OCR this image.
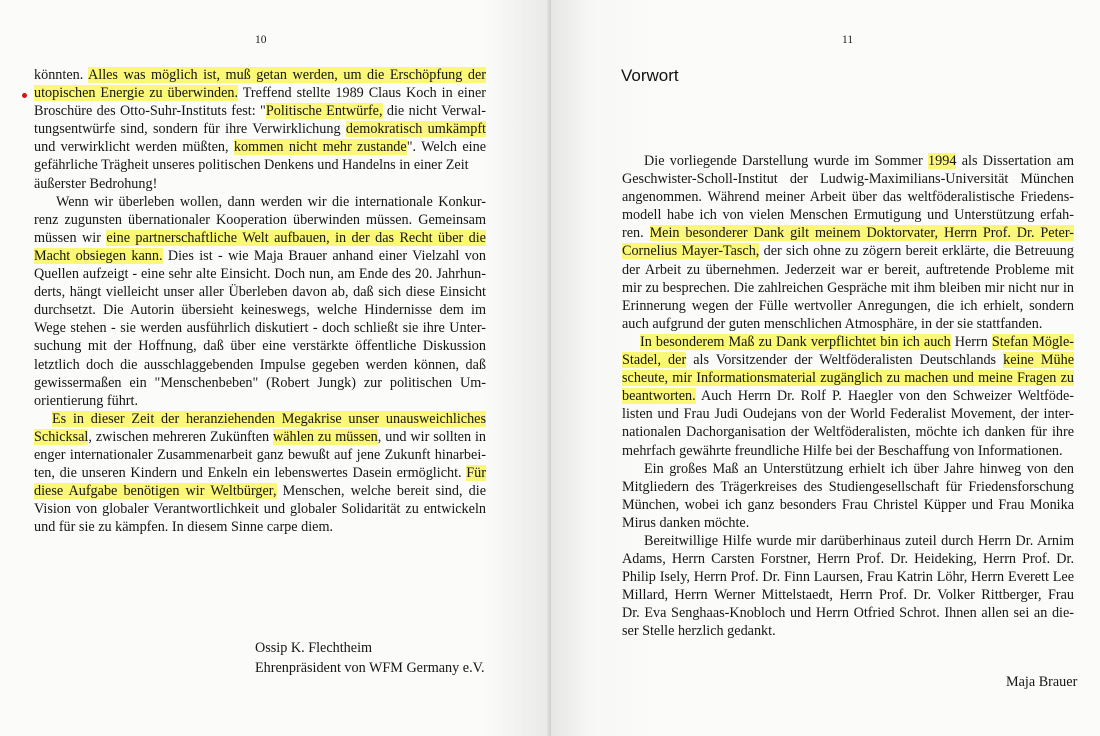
10
könnten. Alles was möglich ist, muß getan werden, um die Erschöpfung der
utopischen Energie zu überwinden. Treffend stellte 1989 Claus Koch in einer
Broschüre des Otto-Suhr-Instituts fest: "Politische Entwürfe, die nicht Verwal-
tungsentwürfe sind, sondern für ihre Verwirklichung demokratisch umkämpft
und verwirklicht werden müßten, kommen nicht mehr zustande". Welch eine
gefährliche Trägheit unseres politischen Denkens und Handelns in einer Zeit
äußerster Bedrohung!
Wenn wir überleben wollen, dann werden wir die internationale Konkur-
renz zugunsten übernationaler Kooperation überwinden müssen. Gemeinsam
müssen wir eine partnerschaftliche Welt aufbauen, in der das Recht über die
Macht obsiegen kann. Dies ist - wie Maja Brauer anhand einer Vielzahl von
Quellen aufzeigt - eine sehr alte Einsicht. Doch nun, am Ende des 20. Jahrhun-
derts, hängt vielleicht unser aller Überleben davon ab, daß sich diese Einsicht
durchsetzt. Die Autorin übersieht keineswegs, welche Hindernisse dem im
Wege stehen - sie werden ausführlich diskutiert - doch schließt sie ihre Unter-
suchung mit der Hoffnung, daß über eine verstärkte öffentliche Diskussion
letztlich doch die ausschlaggebenden Impulse gegeben werden können, daß
gewissermaßen ein "Menschenbeben" (Robert Jungk) zur politischen Um-
orientierung führt.
Es in dieser Zeit der heranziehenden Megakrise unser unausweichliches
Schicksal, zwischen mehreren Zukünften wählen zu müssen, und wir sollten in
enger internationaler Zusammenarbeit ganz bewußt auf jene Zukunft hinarbei-
ten, die unseren Kindern und Enkeln ein lebenswertes Dasein ermöglicht. Für
diese Aufgabe benötigen wir Weltbürger, Menschen, welche bereit sind, die
Vision von globaler Verantwortlichkeit und globaler Solidarität zu entwickeln
und für sie zu kämpfen. In diesem Sinne carpe diem.
Ossip K. Flechtheim
Ehrenpräsident von WFM Germany e.V.
11
Vorwort
Die vorliegende Darstellung wurde im Sommer 1994 als Dissertation am
Geschwister-Scholl-Institut der Ludwig-Maximilians-Universität München
angenommen. Während meiner Arbeit über das weltföderalistische Friedens-
modell habe ich von vielen Menschen Ermutigung und Unterstützung erfah-
ren. Mein besonderer Dank gilt meinem Doktorvater, Herrn Prof. Dr. Peter-
Cornelius Mayer-Tasch, der sich ohne zu zögern bereit erklärte, die Betreuung
der Arbeit zu übernehmen. Jederzeit war er bereit, auftretende Probleme mit
mir zu besprechen. Die zahlreichen Gespräche mit ihm bleiben mir nicht nur in
Erinnerung wegen der Fülle wertvoller Anregungen, die ich erhielt, sondern
auch aufgrund der guten menschlichen Atmosphäre, in der sie stattfanden.
In besonderem Maß zu Dank verpflichtet bin ich auch Herrn Stefan Mögle-
Stadel, der als Vorsitzender der Weltföderalisten Deutschlands keine Mühe
scheute, mir Informationsmaterial zugänglich zu machen und meine Fragen zu
beantworten. Auch Herrn Dr. Rolf P. Haegler von den Schweizer Weltföde-
listen und Frau Judi Oudejans von der World Federalist Movement, der inter-
nationalen Dachorganisation der Weltföderalisten, möchte ich danken für ihre
mehrfach gewährte freundliche Hilfe bei der Beschaffung von Informationen.
Ein großes Maß an Unterstützung erhielt ich über Jahre hinweg von den
Mitgliedern des Trägerkreises des Studiengesellschaft für Friedensforschung
München, wobei ich ganz besonders Frau Christel Küpper und Frau Monika
Mirus danken möchte.
Bereitwillige Hilfe wurde mir darüberhinaus zuteil durch Herrn Dr. Arnim
Adams, Herrn Carsten Forstner, Herrn Prof. Dr. Heideking, Herrn Prof. Dr.
Philip Isely, Herrn Prof. Dr. Finn Laursen, Frau Katrin Löhr, Herrn Everett Lee
Millard, Herrn Werner Mittelstaedt, Herrn Prof. Dr. Volker Rittberger, Frau
Dr. Eva Senghaas-Knobloch und Herrn Otfried Schrot. Ihnen allen sei an die-
ser Stelle herzlich gedankt.
Maja Brauer
